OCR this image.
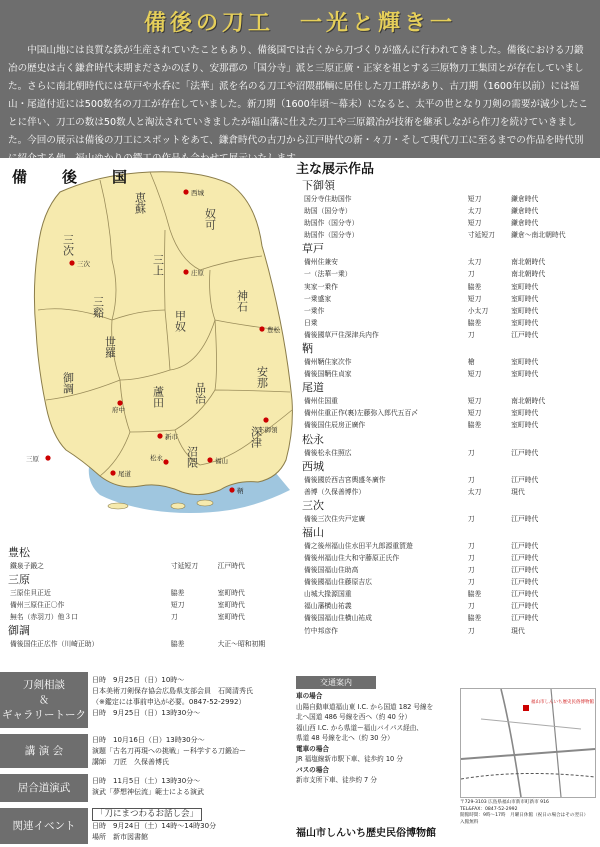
備後の刀工 一光と輝き一
中国山地には良質な鉄が生産されていたこともあり、備後国では古くから刀づくりが盛んに行われてきました。備後における刀鍛冶の歴史は古く鎌倉時代末期まださかのぼり、安那郡の「国分寺」派と三原正廣・正家を祖とする三原物刀工集団とが存在していました。さらに南北朝時代には草戸や水呑に「法華」派を名のる刀工や沼隈郡輌に居住した刀工群があり、古刀期（1600年以前）には福山・尾道付近には500数名の刀工が存在していました。新刀期（1600年頃〜幕末）になると、太平の世となり刀剣の需要が減少したことに伴い、刀工の数は50数人と淘汰されていきましたが福山藩に仕えた刀工や三原鍛冶が技術を継承しながら作刀を続けていきました。今回の展示は備後の刀工にスポットをあて、鎌倉時代の古刀から江戸時代の新・々刀・そして現代刀工に至るまでの作品を時代別に紹介する他、福山ゆかりの鍔工の作品も合わせて展示いたします。
恵蘇
奴可
三次
三上
三谿
甲奴
神石
世羅
御調
蘆田	品治
安那
深津
沼隈
西城
三次
庄原
豊松
府中
新市
三原
尾道
松永	福山
下御領
鞆
備　後　国	主な展示作品
下御領
国分寺住助国作	短刀	鎌倉時代
助国（国分寺）	太刀	鎌倉時代
助国作（国分寺）	短刀	鎌倉時代
助国作（国分寺）	寸延短刀	鎌倉〜南北朝時代
草戸
備州住兼安	太刀	南北朝時代
一（法華一乗）	刀	南北朝時代
実家一乗作	脇差	室町時代
一乗盛家	短刀	室町時代
一乗作	小太刀	室町時代
日乗	脇差	室町時代
備後國草戸住深津兵内作	刀	江戸時代
鞆
備州鞆住家次作	槍	室町時代
備後国鞆住貞家	短刀	室町時代
尾道
備州住国重	短刀	南北朝時代
備州住重正作(裏)左藤弥入郎代五百〆	短刀	室町時代
備後国住辰房正廣作	脇差	室町時代
松永
備後松永住照広	刀	江戸時代
西城
備後國於西吉宮輿盛冬廣作	刀	江戸時代
善博（久保善博作）	太刀	現代
三次
備後三次住宍戸定廣	刀	江戸時代
福山
備之後州福山住水田平九郎源重賀遊	刀	江戸時代
備後州福山住大和守藤原正氏作	刀	江戸時代
備後国福山住助高	刀	江戸時代
備後國福山住藤原吉広	刀	江戸時代
山城大掾源国重	脇差	江戸時代
福山藩横山祐義	刀	江戸時代
備後国福山住横山祐成	脇差	江戸時代
竹中邦彦作	刀	現代
豊松
鐵泉子鍛之	寸延短刀	江戸時代
三原
三原住貝正近	脇差	室町時代
備州三原住正〇作	短刀	室町時代
無名（赤羽刀）他３口	刀	室町時代
御調
備後国住正広作（川崎正助）	脇差	大正〜昭和初期
刀剣相談
＆
ギャラリートーク
日時　9月25日（日）10時〜
日本美術刀剣保存協会広島県支部会員　石岡清秀氏
（※鑑定には事前申込が必要。0847-52-2992）
日時　9月25日（日）13時30分〜
講 演 会
日時　10月16日（日）13時30分〜
演題「古名刀再現への挑戦」ー科学する刀鍛冶ー
講師　刀匠　久保善博氏
居合道演武
日時　11月5日（土）13時30分〜
演武「夢想神伝流」範士による演武
関連イベント
「刀にまつわるお話し会」
日時　9月24日（土）14時〜14時30分
場所　新市図書館
交通案内
車の場合
山陽自動車道福山東 I.C. から国道 182 号線を
北へ国道 486 号線を西へ（約 40 分）
福山西 I.C. から県道ー福山バイパス経由、
県道 48 号線を北へ（約 30 分）
電車の場合
JR 福塩線新市駅下車、徒歩約 10 分
バスの場合
新市支所下車、徒歩約 7 分
福山市しんいち歴史民俗博物館
〒729-3103 広島県福山市新市町新市 916
TEL&FAX：0847-52-2992
開館時間：9時〜17時　月曜日休館（祝日の場合はその翌日）
入館無料
福山市しんいち歴史民俗博物館
